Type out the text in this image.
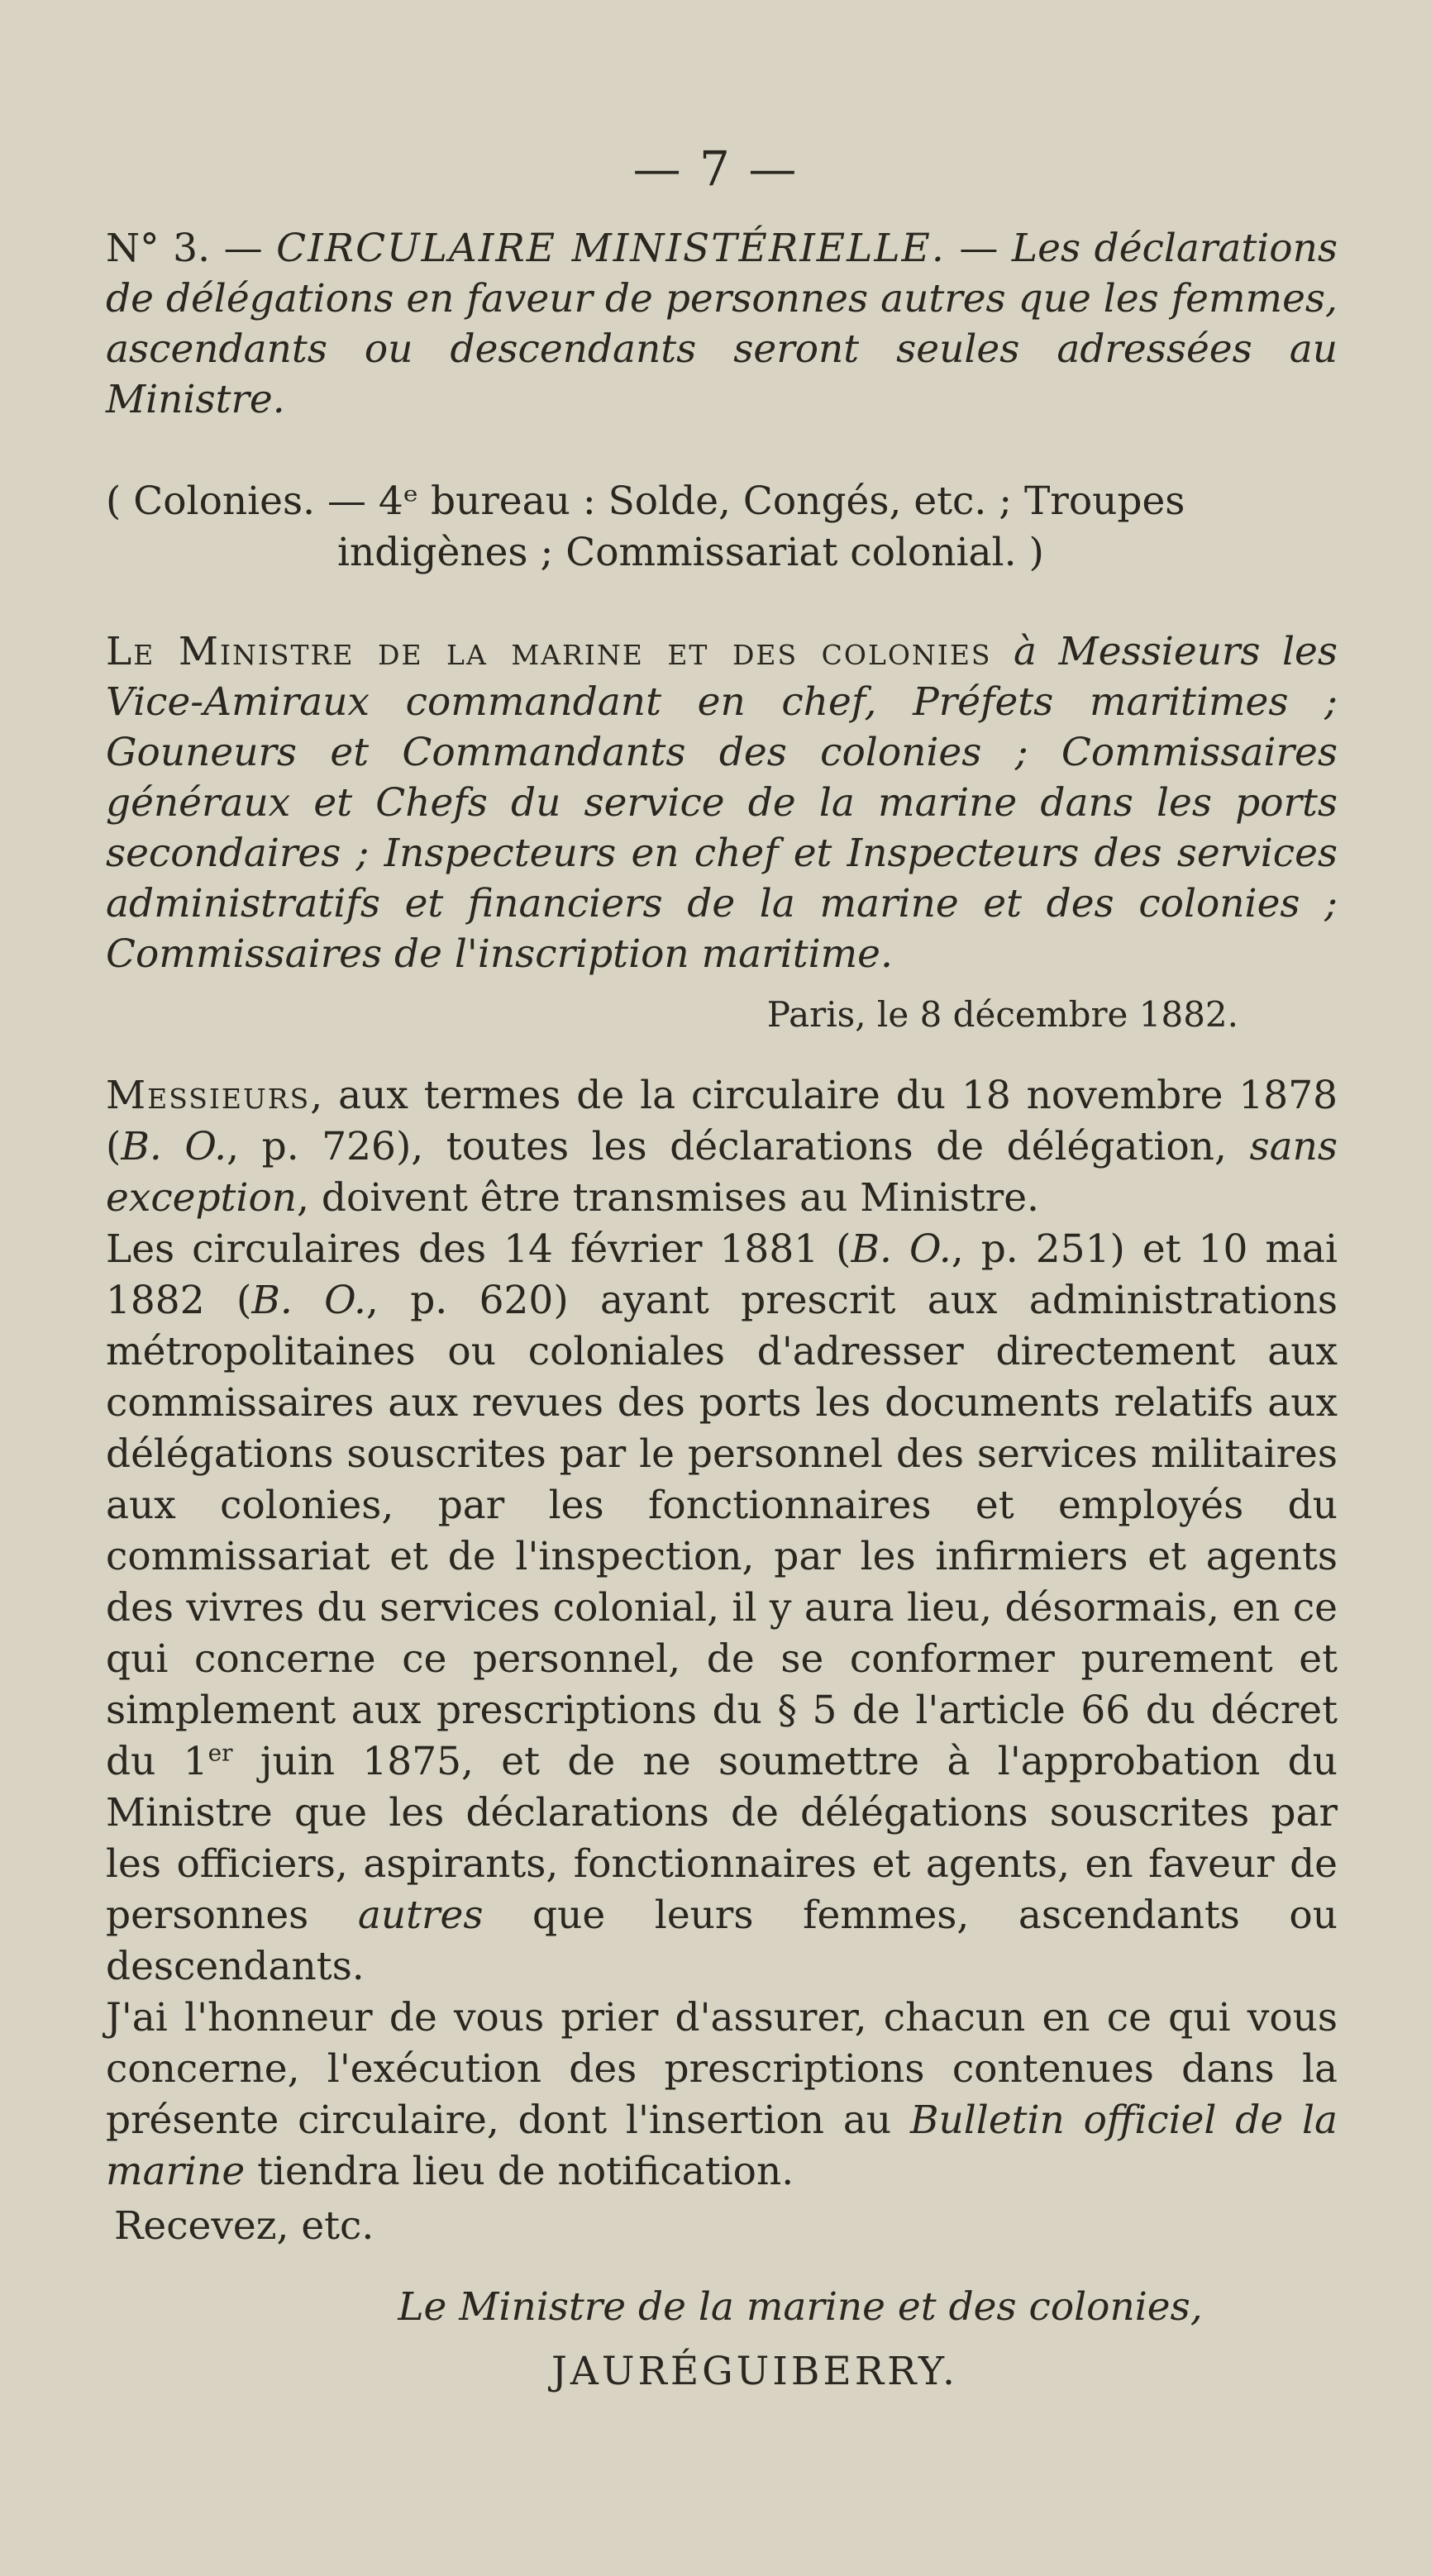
— 7 —

N° 3. — CIRCULAIRE MINISTÉRIELLE. — Les déclarations de délégations en faveur de personnes autres que les femmes, ascendants ou descendants seront seules adressées au Ministre.

( Colonies. — 4ᵉ bureau : Solde, Congés, etc. ; Troupes
indigènes ; Commissariat colonial. )

Le Ministre de la marine et des colonies à Messieurs les Vice-Amiraux commandant en chef, Préfets maritimes ; Gouneurs et Commandants des colonies ; Commissaires généraux et Chefs du service de la marine dans les ports secondaires ; Inspecteurs en chef et Inspecteurs des services administratifs et financiers de la marine et des colonies ; Commissaires de l'inscription maritime.

Paris, le 8 décembre 1882.

Messieurs, aux termes de la circulaire du 18 novembre 1878 (B. O., p. 726), toutes les déclarations de délégation, sans exception, doivent être transmises au Ministre.

Les circulaires des 14 février 1881 (B. O., p. 251) et 10 mai 1882 (B. O., p. 620) ayant prescrit aux administrations métropolitaines ou coloniales d'adresser directement aux commissaires aux revues des ports les documents relatifs aux délégations souscrites par le personnel des services militaires aux colonies, par les fonctionnaires et employés du commissariat et de l'inspection, par les infirmiers et agents des vivres du services colonial, il y aura lieu, désormais, en ce qui concerne ce personnel, de se conformer purement et simplement aux prescriptions du § 5 de l'article 66 du décret du 1er juin 1875, et de ne soumettre à l'approbation du Ministre que les déclarations de délégations souscrites par les officiers, aspirants, fonctionnaires et agents, en faveur de personnes autres que leurs femmes, ascendants ou descendants.

J'ai l'honneur de vous prier d'assurer, chacun en ce qui vous concerne, l'exécution des prescriptions contenues dans la présente circulaire, dont l'insertion au Bulletin officiel de la marine tiendra lieu de notification.

Recevez, etc.

Le Ministre de la marine et des colonies,

JAURÉGUIBERRY.
